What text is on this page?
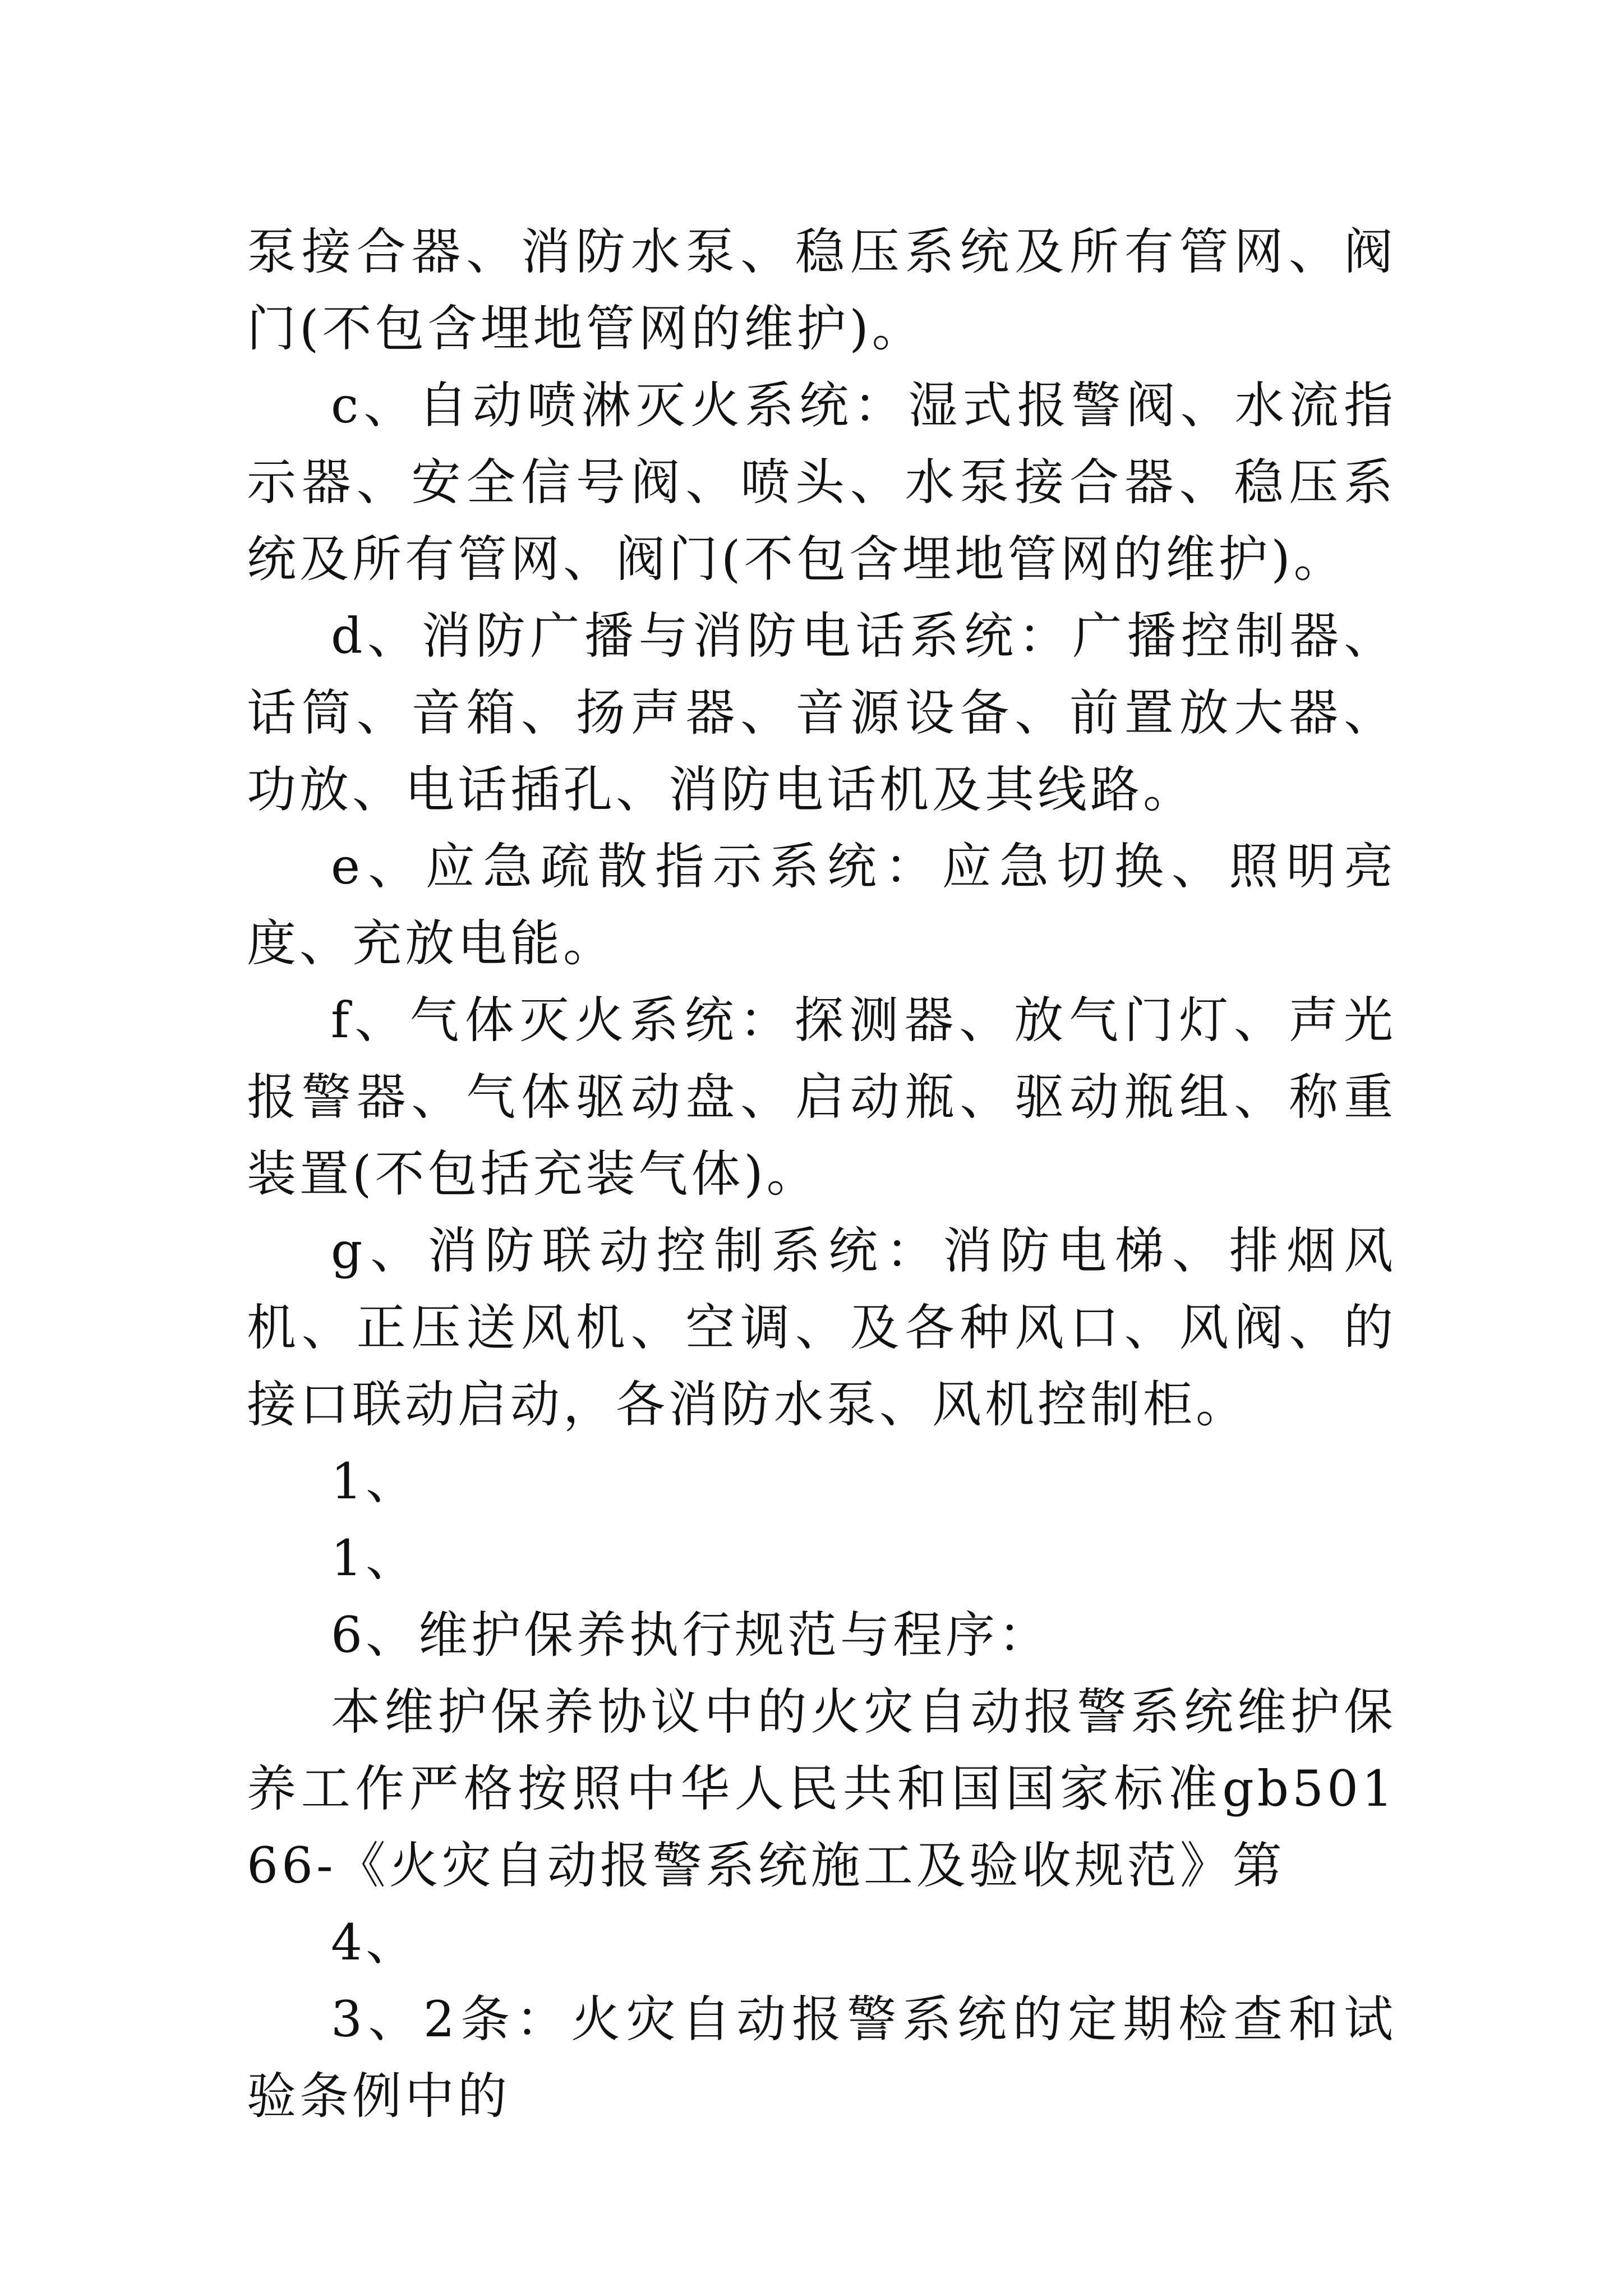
泵接合器、消防水泵、稳压系统及所有管网、阀门(不包含埋地管网的维护)。

c、自动喷淋灭火系统：湿式报警阀、水流指示器、安全信号阀、喷头、水泵接合器、稳压系统及所有管网、阀门(不包含埋地管网的维护)。

d、消防广播与消防电话系统：广播控制器、话筒、音箱、扬声器、音源设备、前置放大器、功放、电话插孔、消防电话机及其线路。

e、应急疏散指示系统：应急切换、照明亮度、充放电能。

f、气体灭火系统：探测器、放气门灯、声光报警器、气体驱动盘、启动瓶、驱动瓶组、称重装置(不包括充装气体)。

g、消防联动控制系统：消防电梯、排烟风机、正压送风机、空调、及各种风口、风阀、的接口联动启动，各消防水泵、风机控制柜。

1、

1、

6、维护保养执行规范与程序：

本维护保养协议中的火灾自动报警系统维护保养工作严格按照中华人民共和国国家标准gb50166-《火灾自动报警系统施工及验收规范》第

4、

3、2条：火灾自动报警系统的定期检查和试验条例中的
